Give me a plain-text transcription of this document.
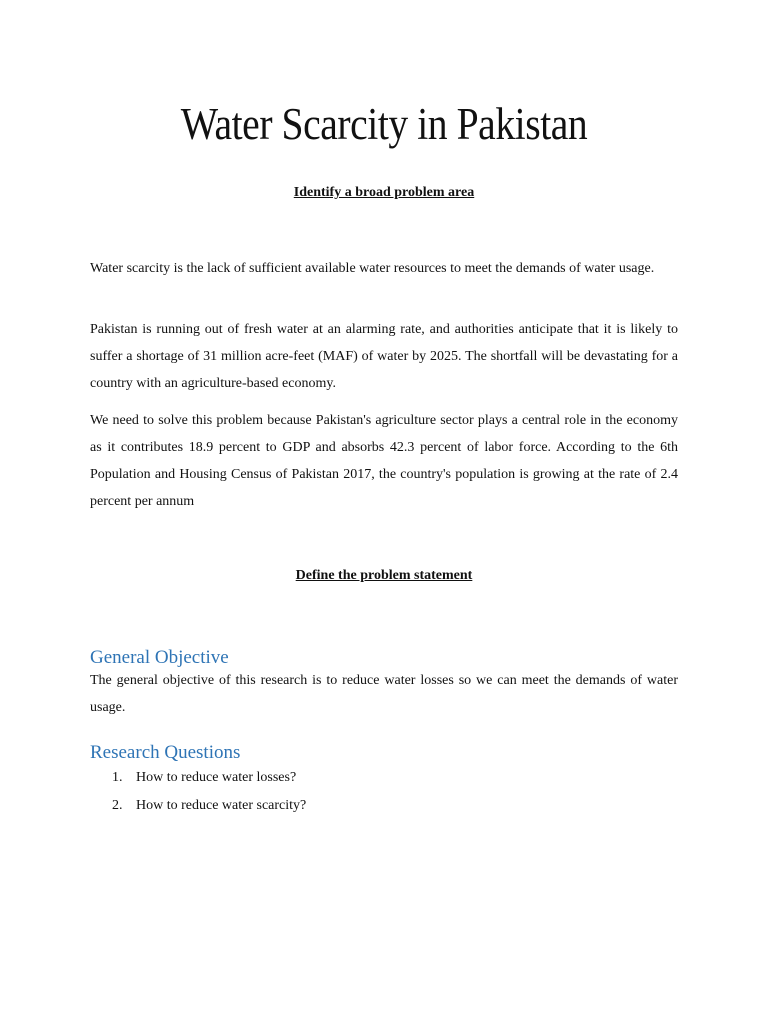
Water Scarcity in Pakistan

Identify a broad problem area

Water scarcity is the lack of sufficient available water resources to meet the demands of water usage.

Pakistan is running out of fresh water at an alarming rate, and authorities anticipate that it is likely to suffer a shortage of 31 million acre-feet (MAF) of water by 2025. The shortfall will be devastating for a country with an agriculture-based economy.

We need to solve this problem because Pakistan's agriculture sector plays a central role in the economy as it contributes 18.9 percent to GDP and absorbs 42.3 percent of labor force. According to the 6th Population and Housing Census of Pakistan 2017, the country's population is growing at the rate of 2.4 percent per annum

Define the problem statement

General Objective

The general objective of this research is to reduce water losses so we can meet the demands of water usage.

Research Questions
1. How to reduce water losses?
2. How to reduce water scarcity?
